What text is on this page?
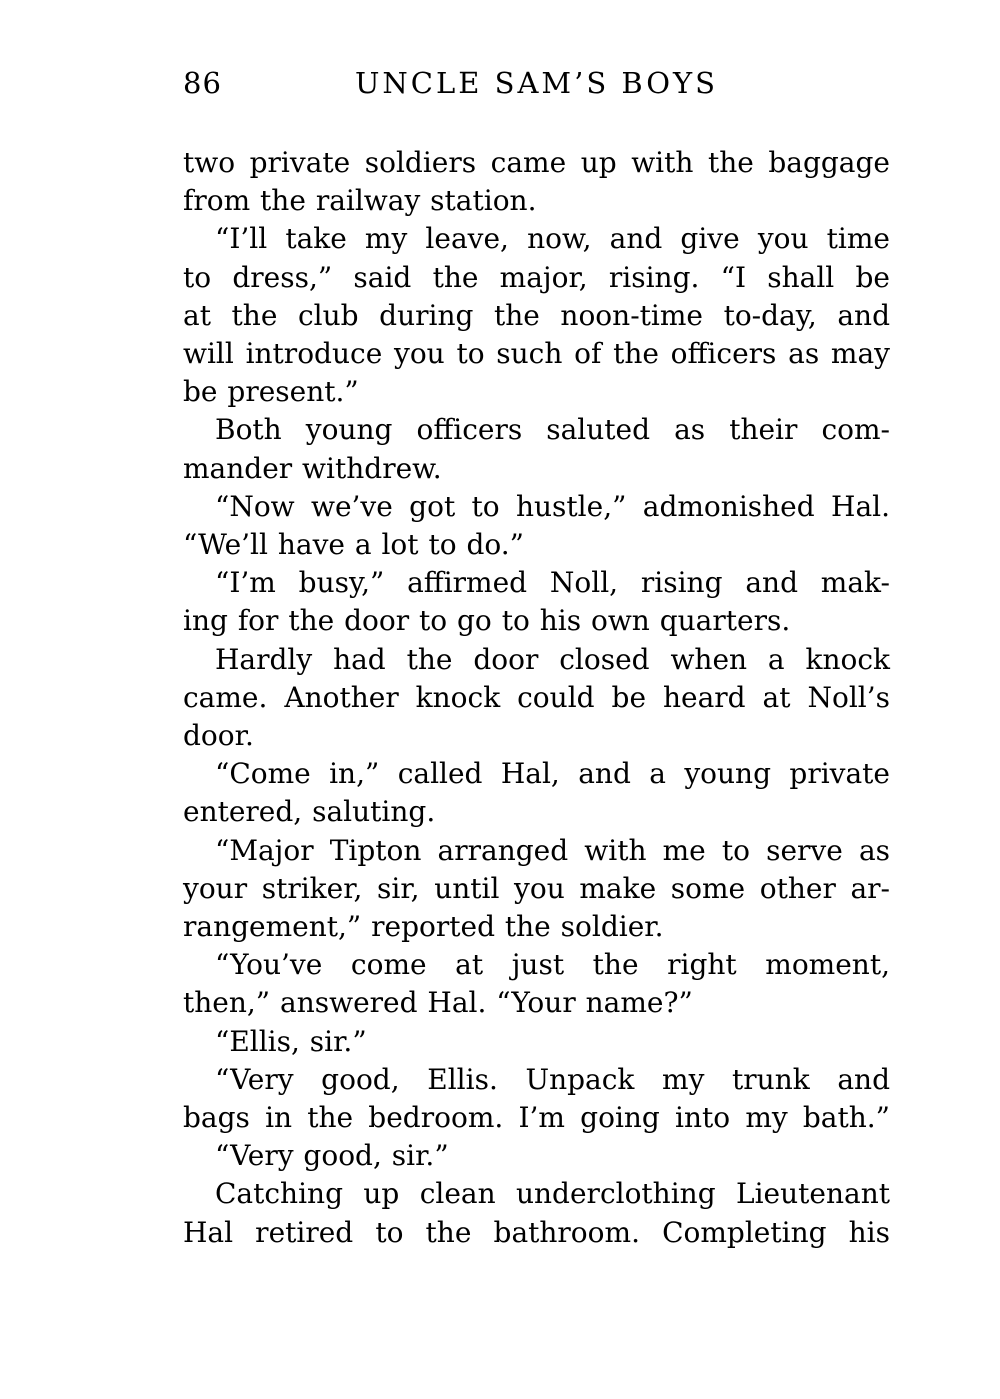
86	UNCLE SAM’S BOYS
two private soldiers came up with the baggage
from the railway station.
“I’ll take my leave, now, and give you time
to dress,” said the major, rising. “I shall be
at the club during the noon-time to-day, and
will introduce you to such of the officers as may
be present.”
Both young officers saluted as their com-
mander withdrew.
“Now we’ve got to hustle,” admonished Hal.
“We’ll have a lot to do.”
“I’m busy,” affirmed Noll, rising and mak-
ing for the door to go to his own quarters.
Hardly had the door closed when a knock
came. Another knock could be heard at Noll’s
door.
“Come in,” called Hal, and a young private
entered, saluting.
“Major Tipton arranged with me to serve as
your striker, sir, until you make some other ar-
rangement,” reported the soldier.
“You’ve come at just the right moment,
then,” answered Hal. “Your name?”
“Ellis, sir.”
“Very good, Ellis. Unpack my trunk and
bags in the bedroom. I’m going into my bath.”
“Very good, sir.”
Catching up clean underclothing Lieutenant
Hal retired to the bathroom. Completing his
